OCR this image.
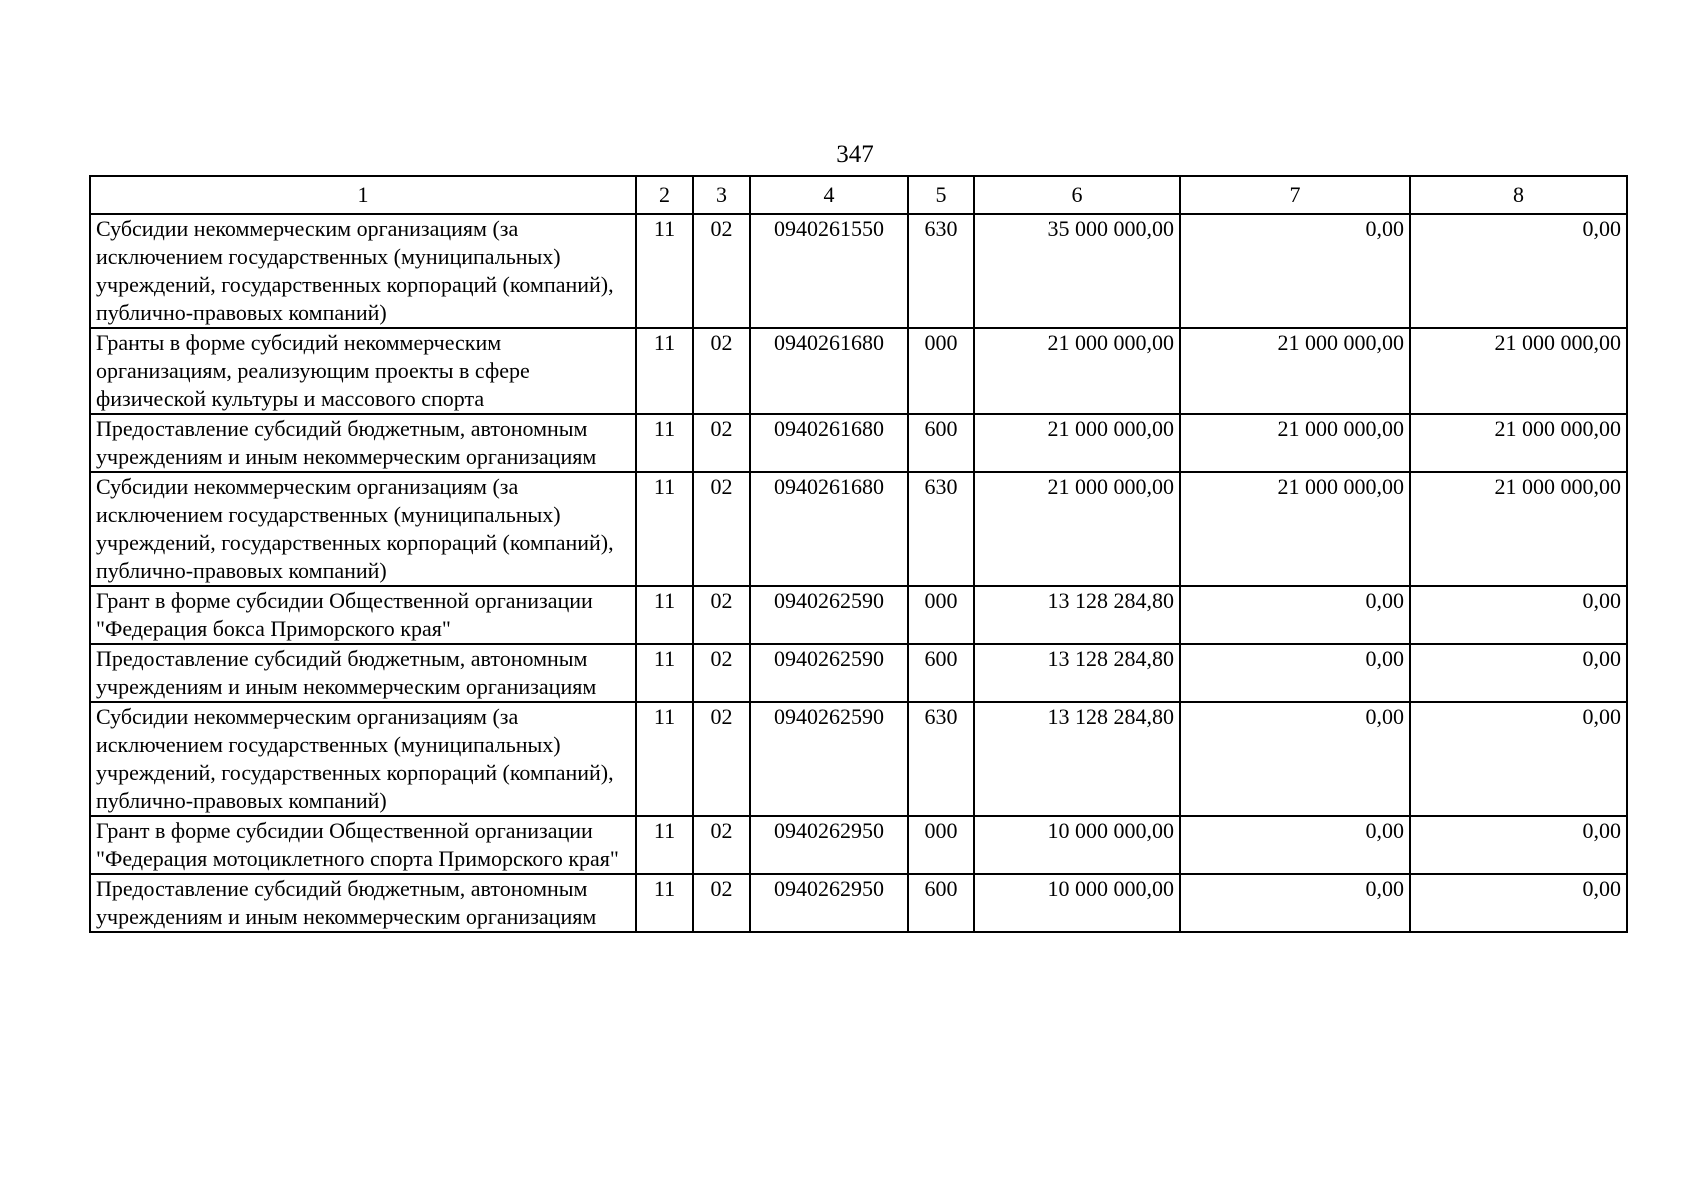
347
1	2	3	4	5	6	7	8
Субсидии некоммерческим организациям (за исключением государственных (муниципальных) учреждений, государственных корпораций (компаний), публично-правовых компаний)	11	02	0940261550	630	35 000 000,00	0,00	0,00
Гранты в форме субсидий некоммерческим организациям, реализующим проекты в сфере физической культуры и массового спорта	11	02	0940261680	000	21 000 000,00	21 000 000,00	21 000 000,00
Предоставление субсидий бюджетным, автономным учреждениям и иным некоммерческим организациям	11	02	0940261680	600	21 000 000,00	21 000 000,00	21 000 000,00
Субсидии некоммерческим организациям (за исключением государственных (муниципальных) учреждений, государственных корпораций (компаний), публично-правовых компаний)	11	02	0940261680	630	21 000 000,00	21 000 000,00	21 000 000,00
Грант в форме субсидии Общественной организации "Федерация бокса Приморского края"	11	02	0940262590	000	13 128 284,80	0,00	0,00
Предоставление субсидий бюджетным, автономным учреждениям и иным некоммерческим организациям	11	02	0940262590	600	13 128 284,80	0,00	0,00
Субсидии некоммерческим организациям (за исключением государственных (муниципальных) учреждений, государственных корпораций (компаний), публично-правовых компаний)	11	02	0940262590	630	13 128 284,80	0,00	0,00
Грант в форме субсидии Общественной организации "Федерация мотоциклетного спорта Приморского края"	11	02	0940262950	000	10 000 000,00	0,00	0,00
Предоставление субсидий бюджетным, автономным учреждениям и иным некоммерческим организациям	11	02	0940262950	600	10 000 000,00	0,00	0,00
